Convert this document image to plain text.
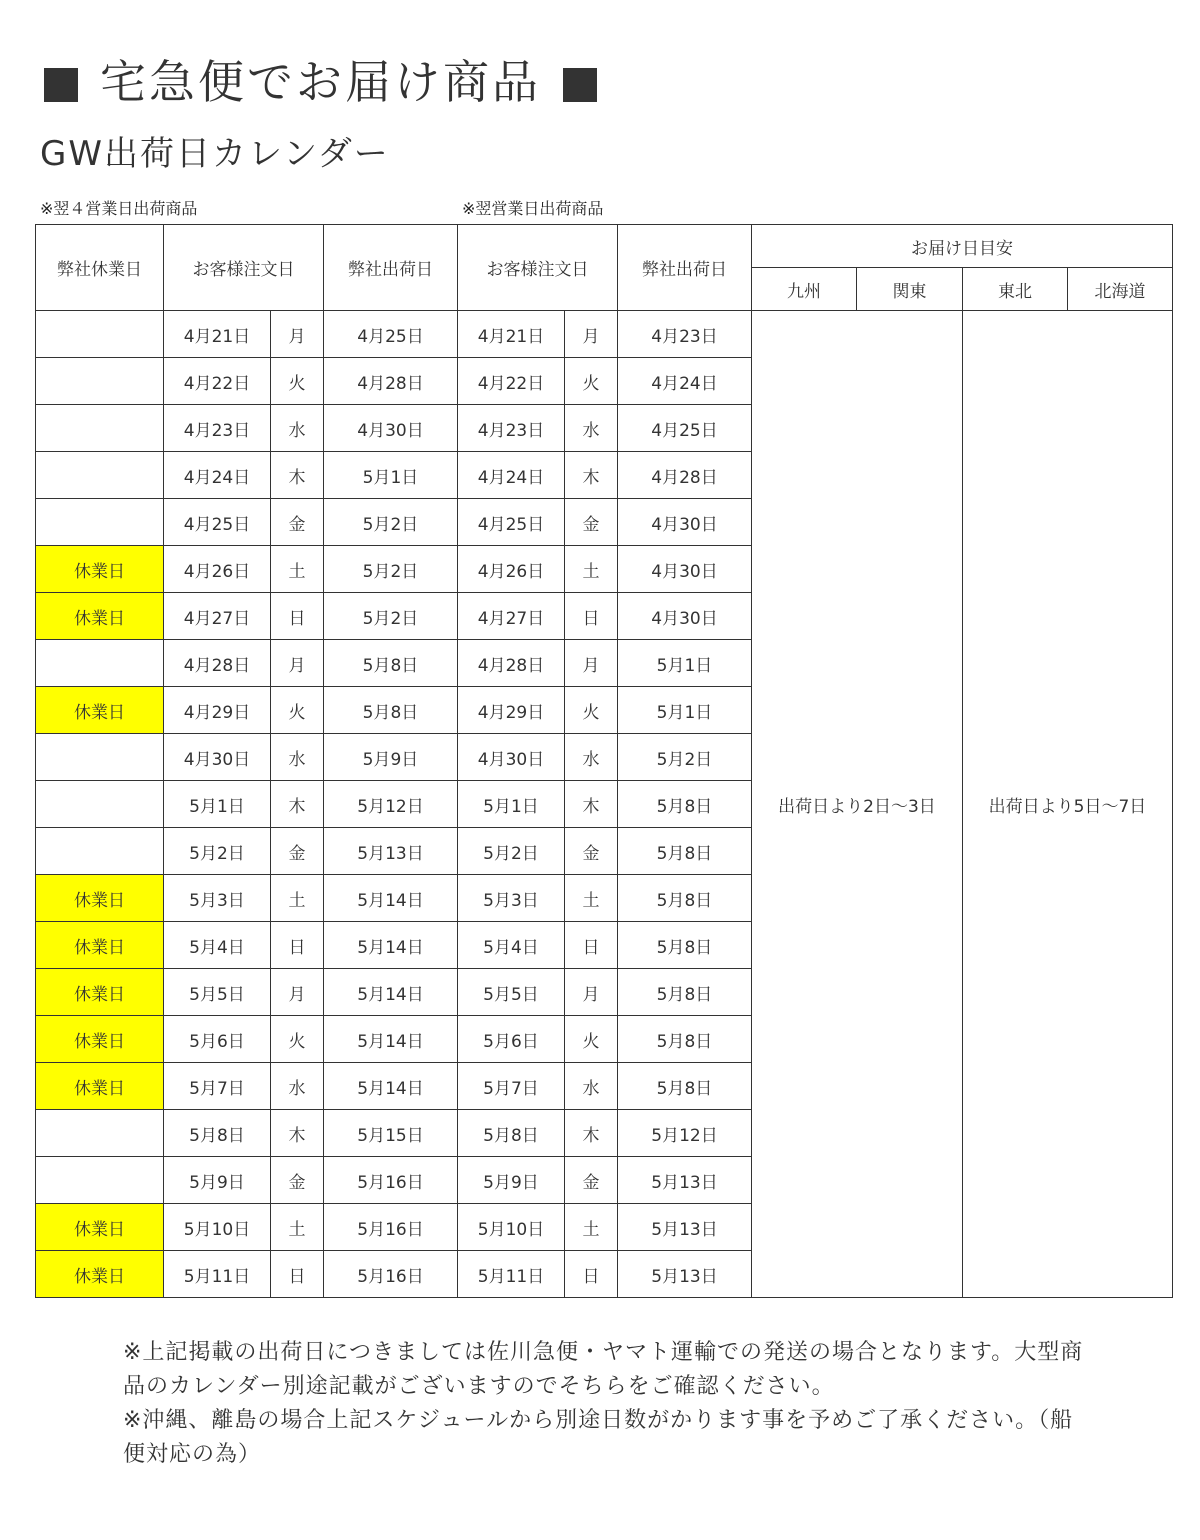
宅急便でお届け商品
GW出荷日カレンダー
※翌４営業日出荷商品	※翌営業日出荷商品
弊社休業日	お客様注文日		弊社出荷日	お客様注文日		弊社出荷日	お届け日目安			
							九州	関東	東北	北海道
	4月21日	月	4月25日	4月21日	月	4月23日	出荷日より2日～3日		出荷日より5日～7日	
	4月22日	火	4月28日	4月22日	火	4月24日				
	4月23日	水	4月30日	4月23日	水	4月25日				
	4月24日	木	5月1日	4月24日	木	4月28日				
	4月25日	金	5月2日	4月25日	金	4月30日				
休業日	4月26日	土	5月2日	4月26日	土	4月30日				
休業日	4月27日	日	5月2日	4月27日	日	4月30日				
	4月28日	月	5月8日	4月28日	月	5月1日				
休業日	4月29日	火	5月8日	4月29日	火	5月1日				
	4月30日	水	5月9日	4月30日	水	5月2日				
	5月1日	木	5月12日	5月1日	木	5月8日				
	5月2日	金	5月13日	5月2日	金	5月8日				
休業日	5月3日	土	5月14日	5月3日	土	5月8日				
休業日	5月4日	日	5月14日	5月4日	日	5月8日				
休業日	5月5日	月	5月14日	5月5日	月	5月8日				
休業日	5月6日	火	5月14日	5月6日	火	5月8日				
休業日	5月7日	水	5月14日	5月7日	水	5月8日				
	5月8日	木	5月15日	5月8日	木	5月12日				
	5月9日	金	5月16日	5月9日	金	5月13日				
休業日	5月10日	土	5月16日	5月10日	土	5月13日				
休業日	5月11日	日	5月16日	5月11日	日	5月13日				

※上記掲載の出荷日につきましては佐川急便・ヤマト運輸での発送の場合となります。大型商品のカレンダー別途記載がございますのでそちらをご確認ください。

※沖縄、離島の場合上記スケジュールから別途日数がかります事を予めご了承ください。（船便対応の為）
